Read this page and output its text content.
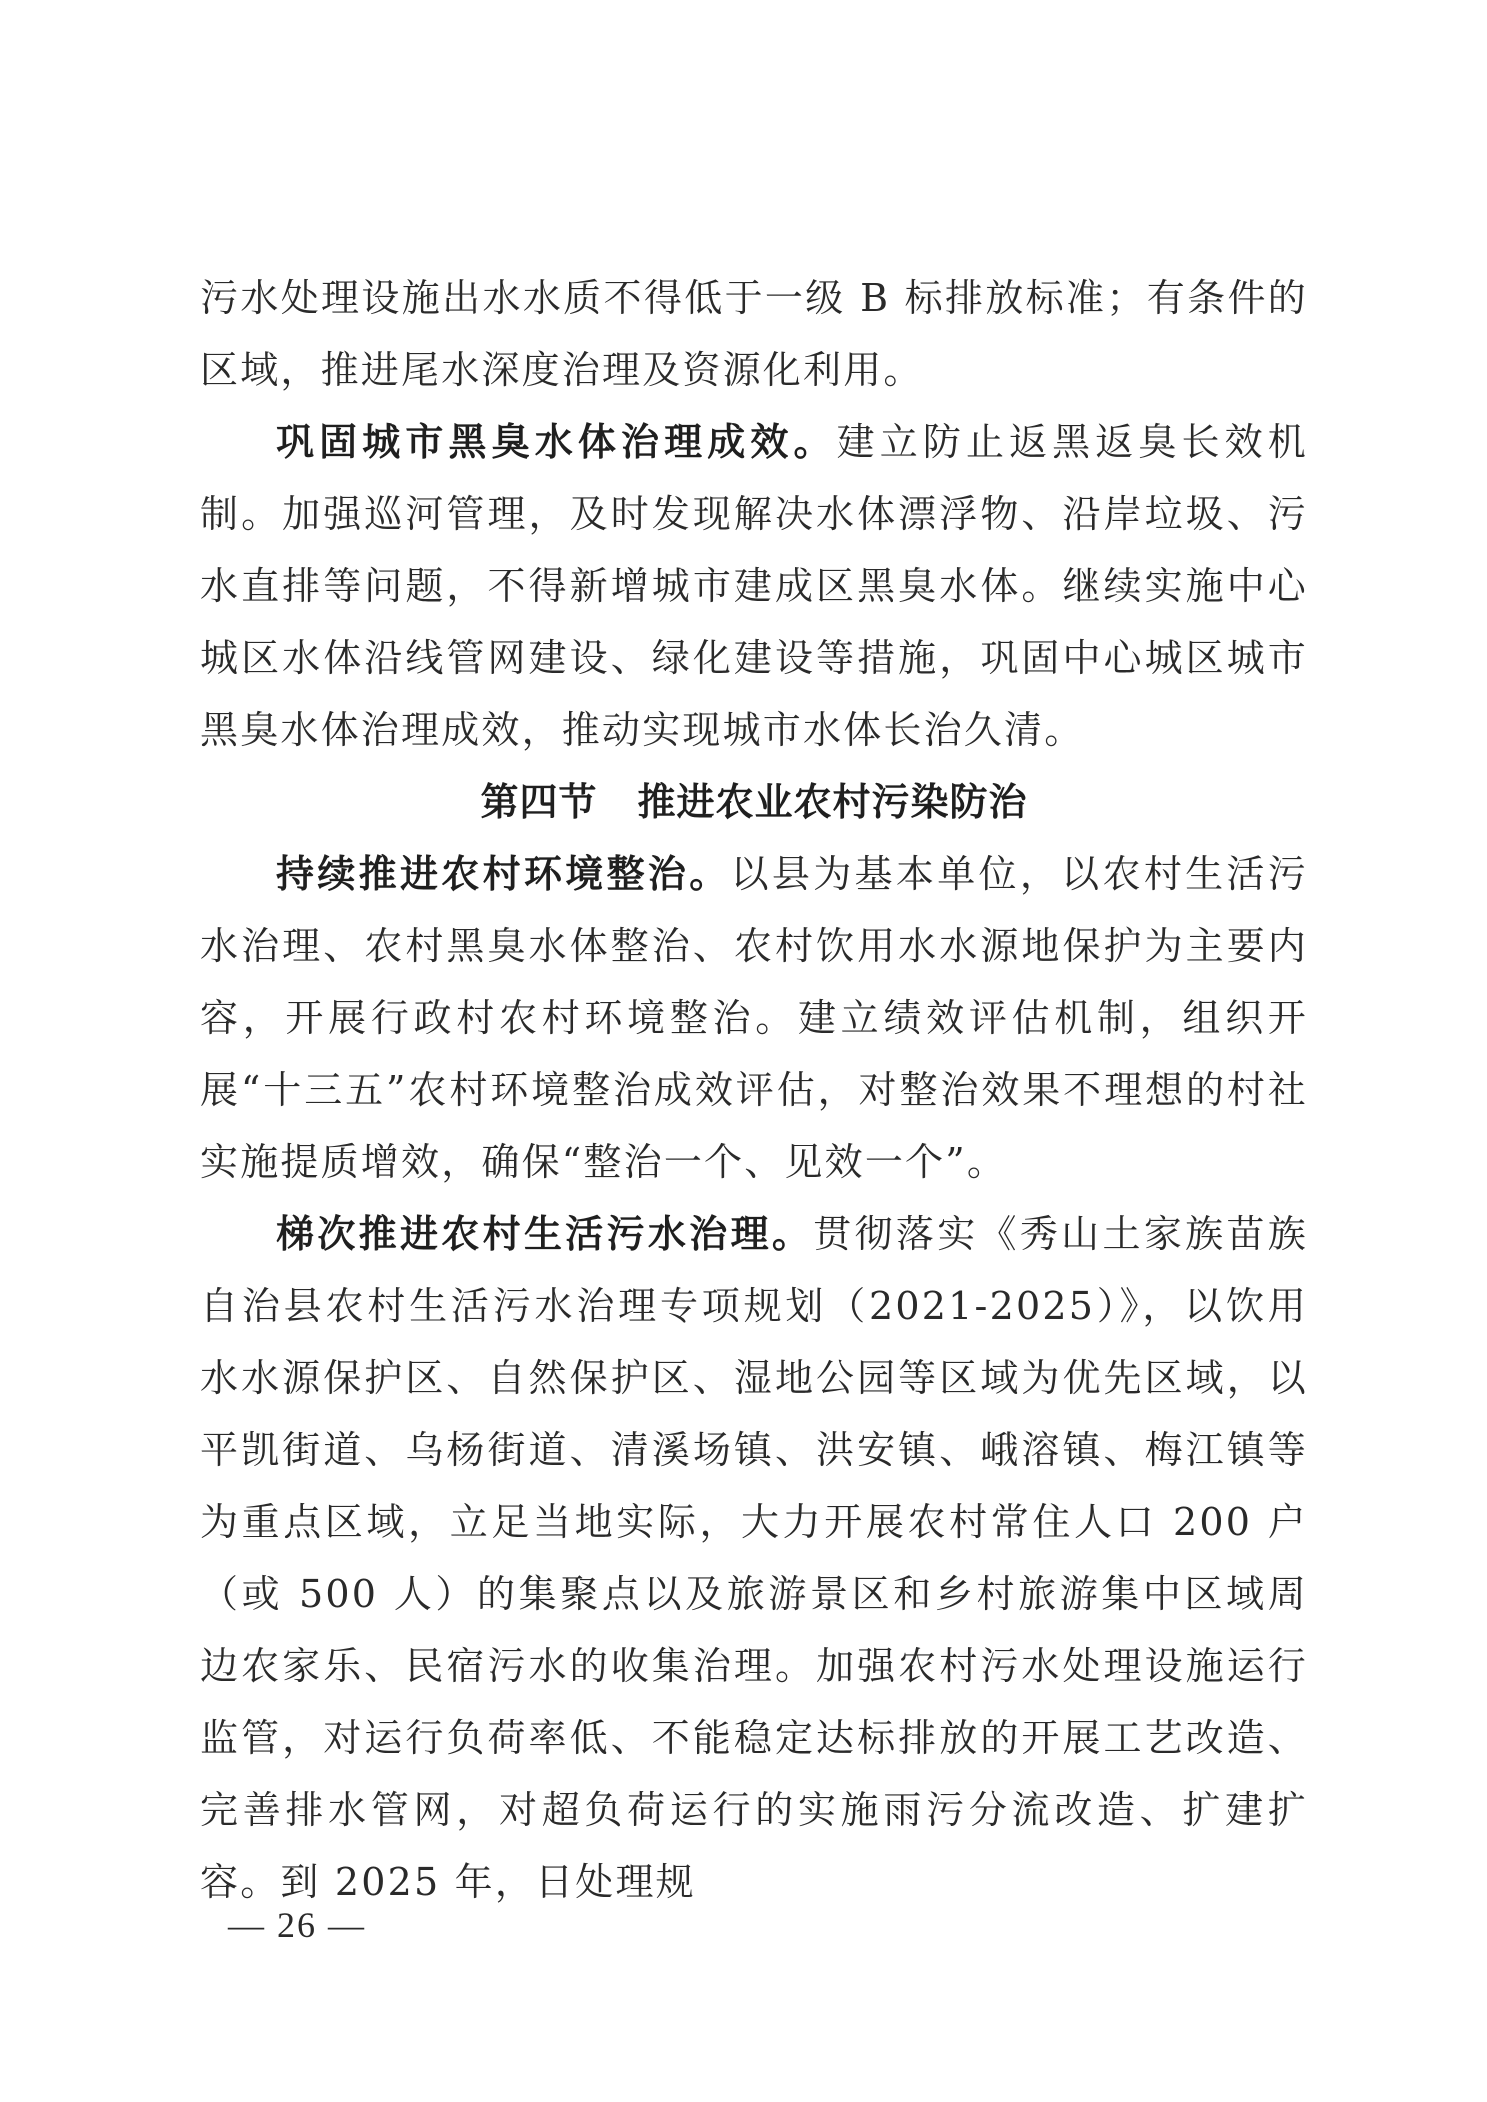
污水处理设施出水水质不得低于一级 B 标排放标准；有条件的区域，推进尾水深度治理及资源化利用。

巩固城市黑臭水体治理成效。建立防止返黑返臭长效机制。加强巡河管理，及时发现解决水体漂浮物、沿岸垃圾、污水直排等问题，不得新增城市建成区黑臭水体。继续实施中心城区水体沿线管网建设、绿化建设等措施，巩固中心城区城市黑臭水体治理成效，推动实现城市水体长治久清。

第四节 推进农业农村污染防治

持续推进农村环境整治。以县为基本单位，以农村生活污水治理、农村黑臭水体整治、农村饮用水水源地保护为主要内容，开展行政村农村环境整治。建立绩效评估机制，组织开展“十三五”农村环境整治成效评估，对整治效果不理想的村社实施提质增效，确保“整治一个、见效一个”。

梯次推进农村生活污水治理。贯彻落实《秀山土家族苗族自治县农村生活污水治理专项规划（2021-2025）》，以饮用水水源保护区、自然保护区、湿地公园等区域为优先区域，以平凯街道、乌杨街道、清溪场镇、洪安镇、峨溶镇、梅江镇等为重点区域，立足当地实际，大力开展农村常住人口 200 户（或 500 人）的集聚点以及旅游景区和乡村旅游集中区域周边农家乐、民宿污水的收集治理。加强农村污水处理设施运行监管，对运行负荷率低、不能稳定达标排放的开展工艺改造、完善排水管网，对超负荷运行的实施雨污分流改造、扩建扩容。到 2025 年，日处理规

— 26 —
